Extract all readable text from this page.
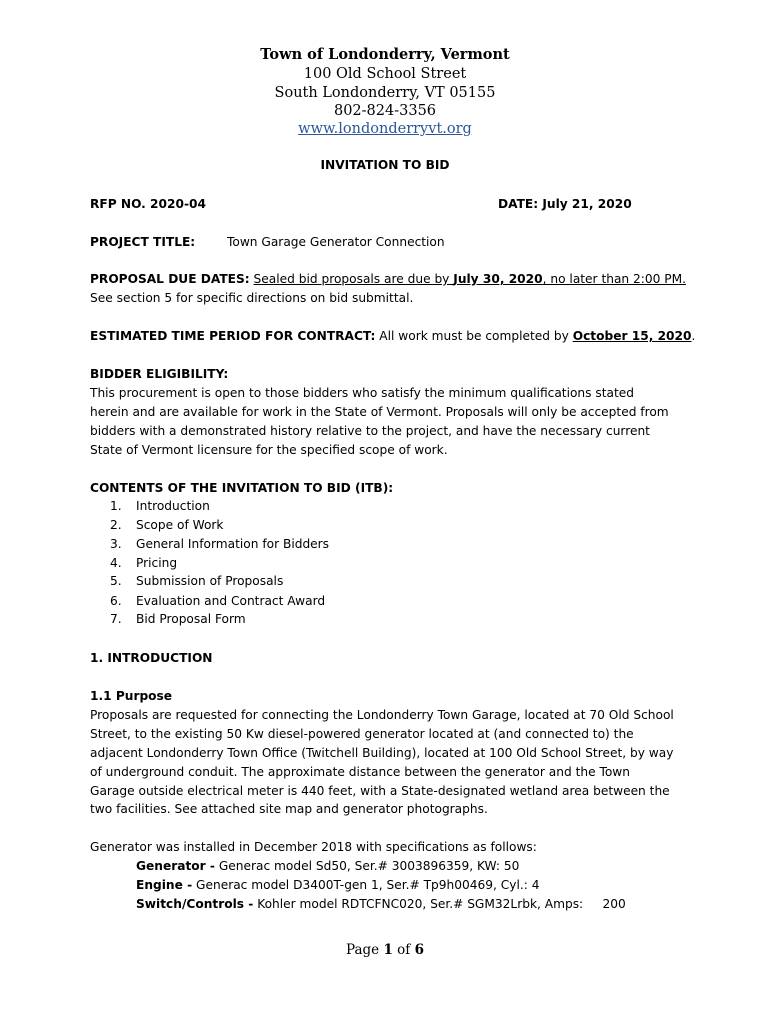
Town of Londonderry, Vermont
100 Old School Street
South Londonderry, VT 05155
802-824-3356
www.londonderryvt.org
INVITATION TO BID
RFP NO. 2020-04	DATE: July 21, 2020
PROJECT TITLE:	Town Garage Generator Connection
PROPOSAL DUE DATES: Sealed bid proposals are due by July 30, 2020, no later than 2:00 PM.
See section 5 for specific directions on bid submittal.
ESTIMATED TIME PERIOD FOR CONTRACT: All work must be completed by October 15, 2020.
BIDDER ELIGIBILITY:
This procurement is open to those bidders who satisfy the minimum qualifications stated
herein and are available for work in the State of Vermont. Proposals will only be accepted from
bidders with a demonstrated history relative to the project, and have the necessary current
State of Vermont licensure for the specified scope of work.
CONTENTS OF THE INVITATION TO BID (ITB):
1. Introduction
2. Scope of Work
3. General Information for Bidders
4. Pricing
5. Submission of Proposals
6. Evaluation and Contract Award
7. Bid Proposal Form
1. INTRODUCTION
1.1 Purpose
Proposals are requested for connecting the Londonderry Town Garage, located at 70 Old School
Street, to the existing 50 Kw diesel-powered generator located at (and connected to) the
adjacent Londonderry Town Office (Twitchell Building), located at 100 Old School Street, by way
of underground conduit. The approximate distance between the generator and the Town
Garage outside electrical meter is 440 feet, with a State-designated wetland area between the
two facilities. See attached site map and generator photographs.
Generator was installed in December 2018 with specifications as follows:
Generator - Generac model Sd50, Ser.# 3003896359, KW: 50
Engine - Generac model D3400T-gen 1, Ser.# Tp9h00469, Cyl.: 4
Switch/Controls - Kohler model RDTCFNC020, Ser.# SGM32Lrbk, Amps:     200
Page 1 of 6
